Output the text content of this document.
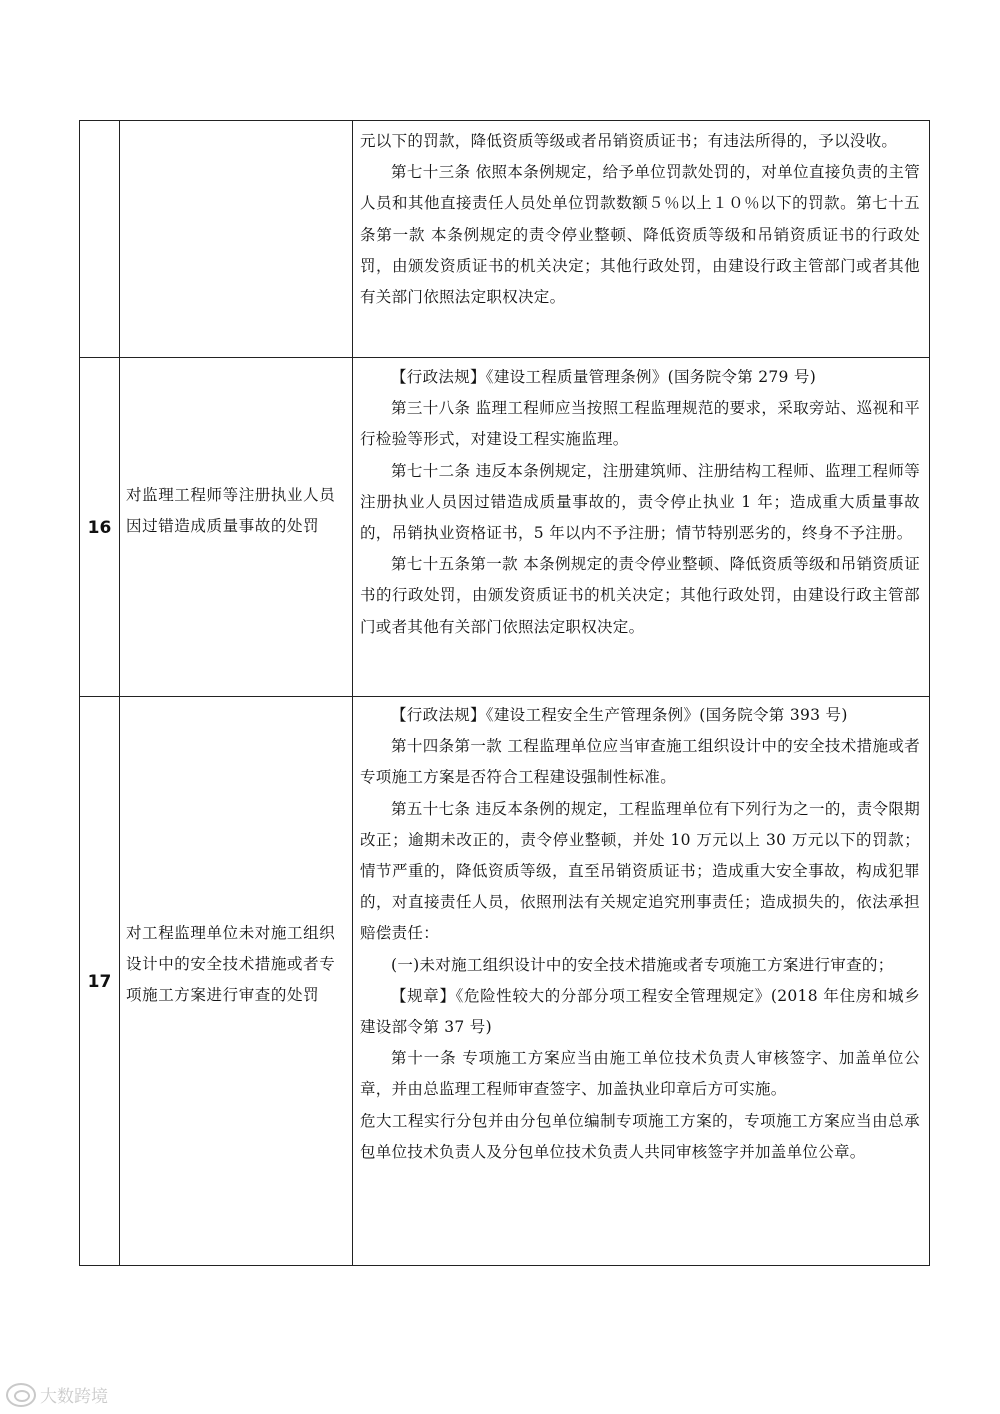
元以下的罚款，降低资质等级或者吊销资质证书；有违法所得的，予以没收。

第七十三条 依照本条例规定，给予单位罚款处罚的，对单位直接负责的主管人员和其他直接责任人员处单位罚款数额５％以上１０％以下的罚款。第七十五条第一款 本条例规定的责令停业整顿、降低资质等级和吊销资质证书的行政处罚，由颁发资质证书的机关决定；其他行政处罚，由建设行政主管部门或者其他有关部门依照法定职权决定。

16
对监理工程师等注册执业人员因过错造成质量事故的处罚

【行政法规】《建设工程质量管理条例》(国务院令第 279 号)

第三十八条 监理工程师应当按照工程监理规范的要求，采取旁站、巡视和平行检验等形式，对建设工程实施监理。

第七十二条 违反本条例规定，注册建筑师、注册结构工程师、监理工程师等注册执业人员因过错造成质量事故的，责令停止执业 1 年；造成重大质量事故的，吊销执业资格证书，5 年以内不予注册；情节特别恶劣的，终身不予注册。

第七十五条第一款 本条例规定的责令停业整顿、降低资质等级和吊销资质证书的行政处罚，由颁发资质证书的机关决定；其他行政处罚，由建设行政主管部门或者其他有关部门依照法定职权决定。

17
对工程监理单位未对施工组织设计中的安全技术措施或者专项施工方案进行审查的处罚

【行政法规】《建设工程安全生产管理条例》(国务院令第 393 号)

第十四条第一款 工程监理单位应当审查施工组织设计中的安全技术措施或者专项施工方案是否符合工程建设强制性标准。

第五十七条 违反本条例的规定，工程监理单位有下列行为之一的，责令限期改正；逾期未改正的，责令停业整顿，并处 10 万元以上 30 万元以下的罚款；情节严重的，降低资质等级，直至吊销资质证书；造成重大安全事故，构成犯罪的，对直接责任人员，依照刑法有关规定追究刑事责任；造成损失的，依法承担赔偿责任：

(一)未对施工组织设计中的安全技术措施或者专项施工方案进行审查的；

【规章】《危险性较大的分部分项工程安全管理规定》(2018 年住房和城乡建设部令第 37 号)

第十一条 专项施工方案应当由施工单位技术负责人审核签字、加盖单位公章，并由总监理工程师审查签字、加盖执业印章后方可实施。

危大工程实行分包并由分包单位编制专项施工方案的，专项施工方案应当由总承包单位技术负责人及分包单位技术负责人共同审核签字并加盖单位公章。

大数跨境
